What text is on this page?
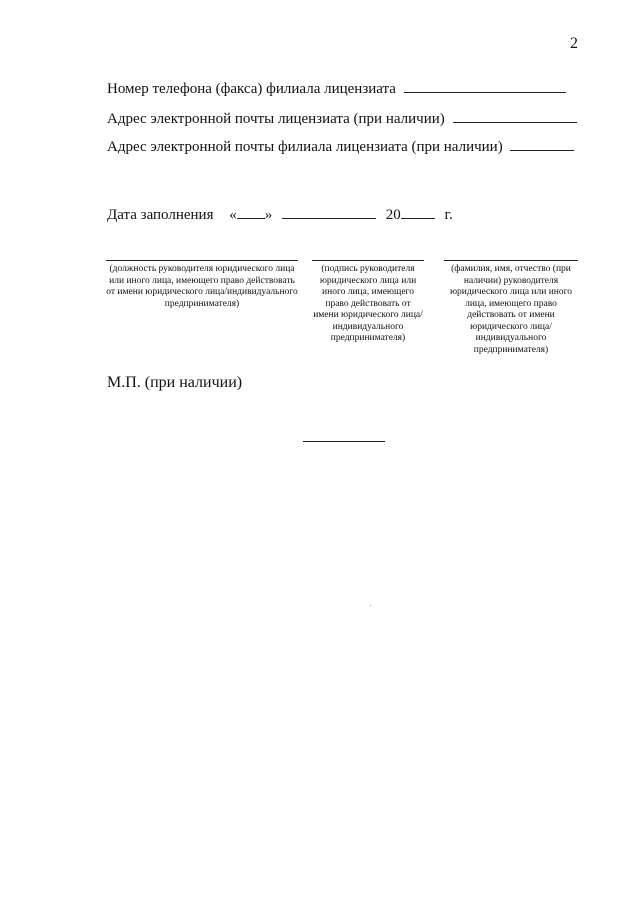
2
Номер телефона (факса) филиала лицензиата
Адрес электронной почты лицензиата (при наличии)
Адрес электронной почты филиала лицензиата (при наличии)
Дата заполнения « »	20	г.
(должность руководителя юридического лица или иного лица, имеющего право действовать от имени юридического лица/индивидуального предпринимателя)
(подпись руководителя юридического лица или иного лица, имеющего право действовать от имени юридического лица/ индивидуального предпринимателя)
(фамилия, имя, отчество (при наличии) руководителя юридического лица или иного лица, имеющего право действовать от имени юридического лица/ индивидуального предпринимателя)
М.П. (при наличии)
